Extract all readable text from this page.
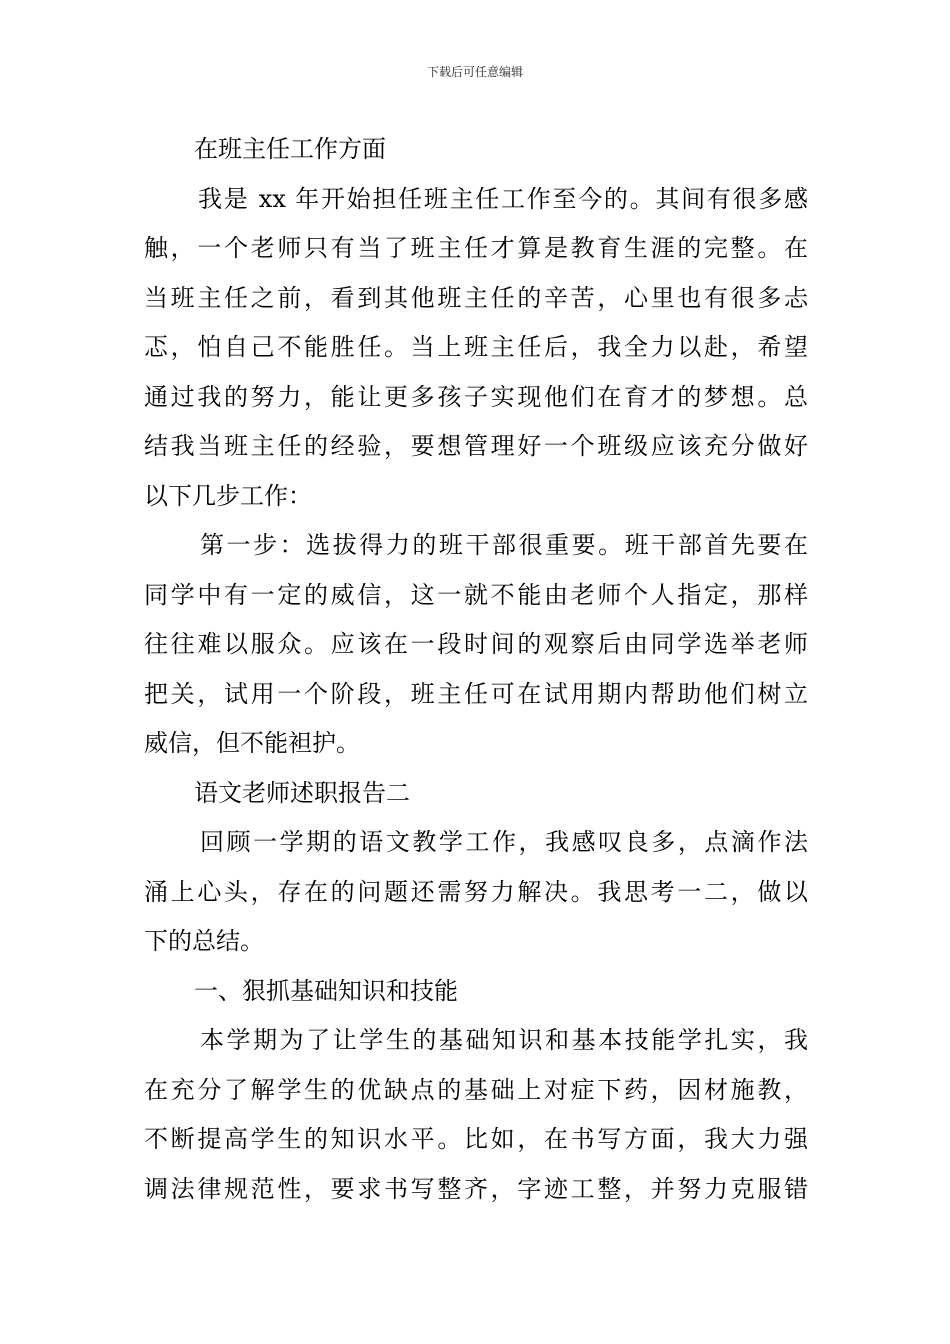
下载后可任意编辑
在班主任工作方面
我是 xx 年开始担任班主任工作至今的。其间有很多感
触，一个老师只有当了班主任才算是教育生涯的完整。在
当班主任之前，看到其他班主任的辛苦，心里也有很多忐
忑，怕自己不能胜任。当上班主任后，我全力以赴，希望
通过我的努力，能让更多孩子实现他们在育才的梦想。总
结我当班主任的经验，要想管理好一个班级应该充分做好
以下几步工作：
第一步：选拔得力的班干部很重要。班干部首先要在
同学中有一定的威信，这一就不能由老师个人指定，那样
往往难以服众。应该在一段时间的观察后由同学选举老师
把关，试用一个阶段，班主任可在试用期内帮助他们树立
威信，但不能袒护。
语文老师述职报告二
回顾一学期的语文教学工作，我感叹良多，点滴作法
涌上心头，存在的问题还需努力解决。我思考一二，做以
下的总结。
一、狠抓基础知识和技能
本学期为了让学生的基础知识和基本技能学扎实，我
在充分了解学生的优缺点的基础上对症下药，因材施教，
不断提高学生的知识水平。比如，在书写方面，我大力强
调法律规范性，要求书写整齐，字迹工整，并努力克服错
